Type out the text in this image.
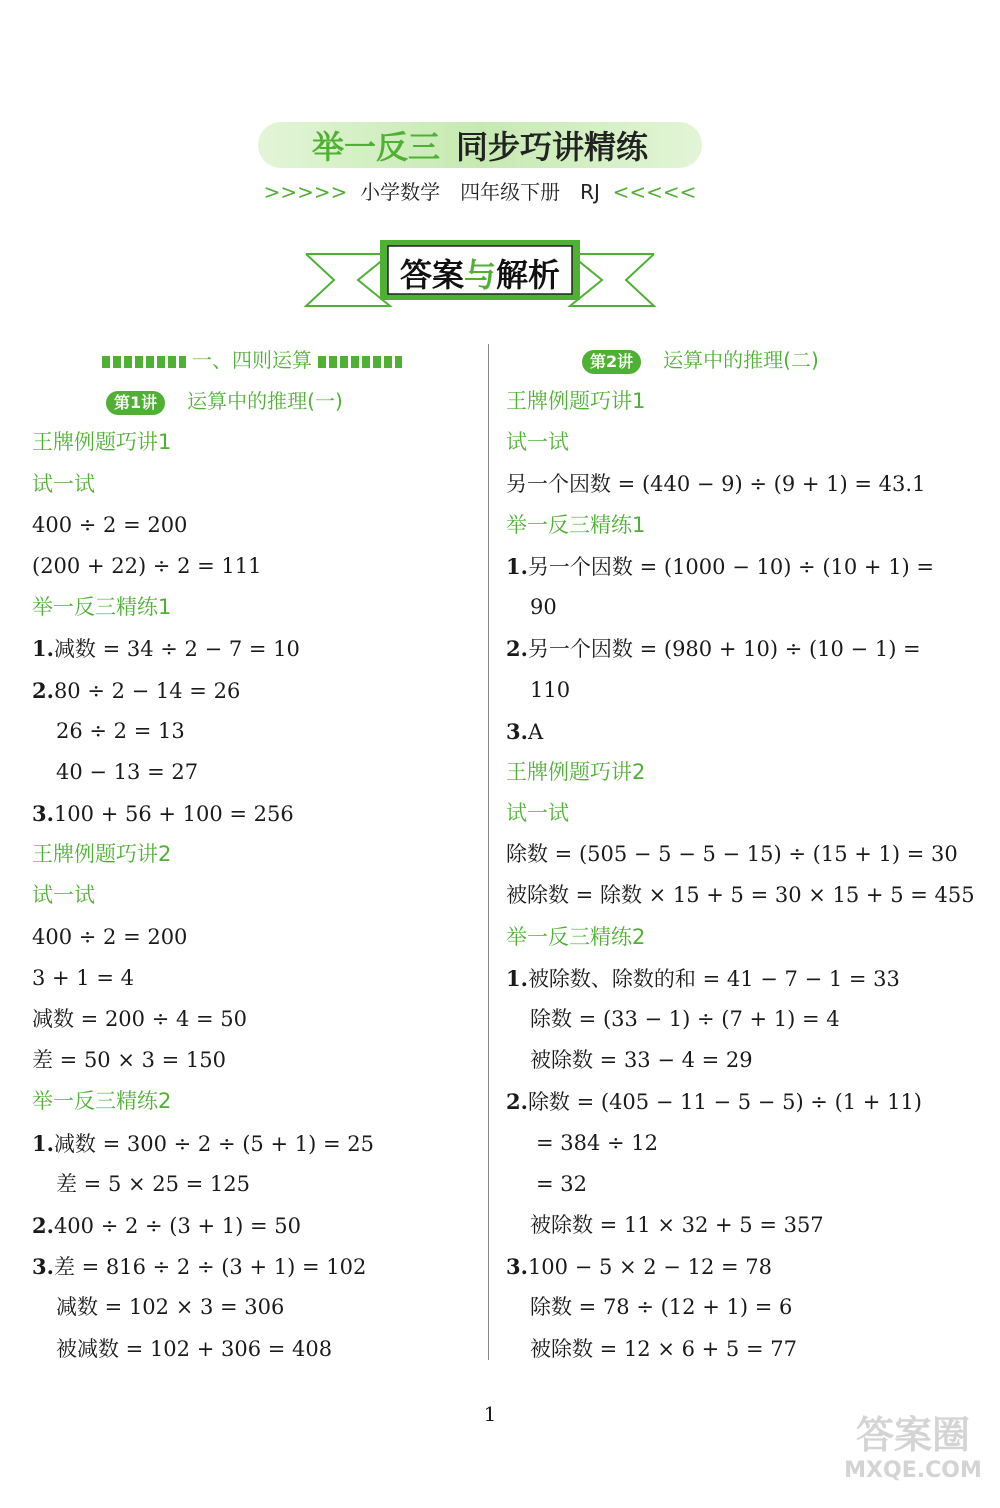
举一反三 同步巧讲精练
>>>>> 小学数学　四年级下册　RJ <<<<<
答案与解析
一、四则运算
第1讲 运算中的推理(一)
王牌例题巧讲1
试一试
400 ÷ 2 = 200
(200 + 22) ÷ 2 = 111
举一反三精练1
1.减数 = 34 ÷ 2 − 7 = 10
2.80 ÷ 2 − 14 = 26
26 ÷ 2 = 13
40 − 13 = 27
3.100 + 56 + 100 = 256
王牌例题巧讲2
试一试
400 ÷ 2 = 200
3 + 1 = 4
减数 = 200 ÷ 4 = 50
差 = 50 × 3 = 150
举一反三精练2
1.减数 = 300 ÷ 2 ÷ (5 + 1) = 25
差 = 5 × 25 = 125
2.400 ÷ 2 ÷ (3 + 1) = 50
3.差 = 816 ÷ 2 ÷ (3 + 1) = 102
减数 = 102 × 3 = 306
被减数 = 102 + 306 = 408
第2讲 运算中的推理(二)
王牌例题巧讲1
试一试
另一个因数 = (440 − 9) ÷ (9 + 1) = 43.1
举一反三精练1
1.另一个因数 = (1000 − 10) ÷ (10 + 1) =
90
2.另一个因数 = (980 + 10) ÷ (10 − 1) =
110
3.A
王牌例题巧讲2
试一试
除数 = (505 − 5 − 5 − 15) ÷ (15 + 1) = 30
被除数 = 除数 × 15 + 5 = 30 × 15 + 5 = 455
举一反三精练2
1.被除数、除数的和 = 41 − 7 − 1 = 33
除数 = (33 − 1) ÷ (7 + 1) = 4
被除数 = 33 − 4 = 29
2.除数 = (405 − 11 − 5 − 5) ÷ (1 + 11)
= 384 ÷ 12
= 32
被除数 = 11 × 32 + 5 = 357
3.100 − 5 × 2 − 12 = 78
除数 = 78 ÷ (12 + 1) = 6
被除数 = 12 × 6 + 5 = 77
1	答案圈
MXQE.COM
